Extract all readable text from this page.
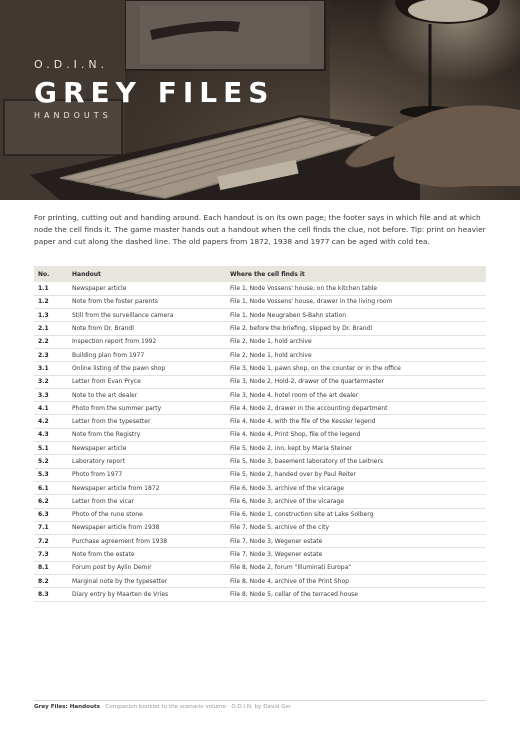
O.D.I.N.
GREY FILES
HANDOUTS

For printing, cutting out and handing around. Each handout is on its own page; the footer says in which file and at which node the cell finds it. The game master hands out a handout when the cell finds the clue, not before. Tip: print on heavier paper and cut along the dashed line. The old papers from 1872, 1938 and 1977 can be aged with cold tea.

No.	Handout	Where the cell finds it
1.1	Newspaper article	File 1, Node Vossens' house, on the kitchen table
1.2	Note from the foster parents	File 1, Node Vossens' house, drawer in the living room
1.3	Still from the surveillance camera	File 1, Node Neugraben S-Bahn station
2.1	Note from Dr. Brandl	File 2, before the briefing, slipped by Dr. Brandl
2.2	Inspection report from 1992	File 2, Node 1, hold archive
2.3	Building plan from 1977	File 2, Node 1, hold archive
3.1	Online listing of the pawn shop	File 3, Node 1, pawn shop, on the counter or in the office
3.2	Letter from Evan Pryce	File 3, Node 2, Hold-2, drawer of the quartermaster
3.3	Note to the art dealer	File 3, Node 4, hotel room of the art dealer
4.1	Photo from the summer party	File 4, Node 2, drawer in the accounting department
4.2	Letter from the typesetter	File 4, Node 4, with the file of the Kessler legend
4.3	Note from the Registry	File 4, Node 4, Print Shop, file of the legend
5.1	Newspaper article	File 5, Node 2, inn, kept by Maria Steiner
5.2	Laboratory report	File 5, Node 3, basement laboratory of the Leitners
5.3	Photo from 1977	File 5, Node 2, handed over by Paul Reiter
6.1	Newspaper article from 1872	File 6, Node 3, archive of the vicarage
6.2	Letter from the vicar	File 6, Node 3, archive of the vicarage
6.3	Photo of the rune stone	File 6, Node 1, construction site at Lake Solberg
7.1	Newspaper article from 1938	File 7, Node 5, archive of the city
7.2	Purchase agreement from 1938	File 7, Node 3, Wegener estate
7.3	Note from the estate	File 7, Node 3, Wegener estate
8.1	Forum post by Aylin Demir	File 8, Node 2, forum "Illuminati Europa"
8.2	Marginal note by the typesetter	File 8, Node 4, archive of the Print Shop
8.3	Diary entry by Maarten de Vries	File 8, Node 5, cellar of the terraced house
Grey Files: Handouts · Companion booklet to the scenario volume · O.D.I.N. by David Ger
